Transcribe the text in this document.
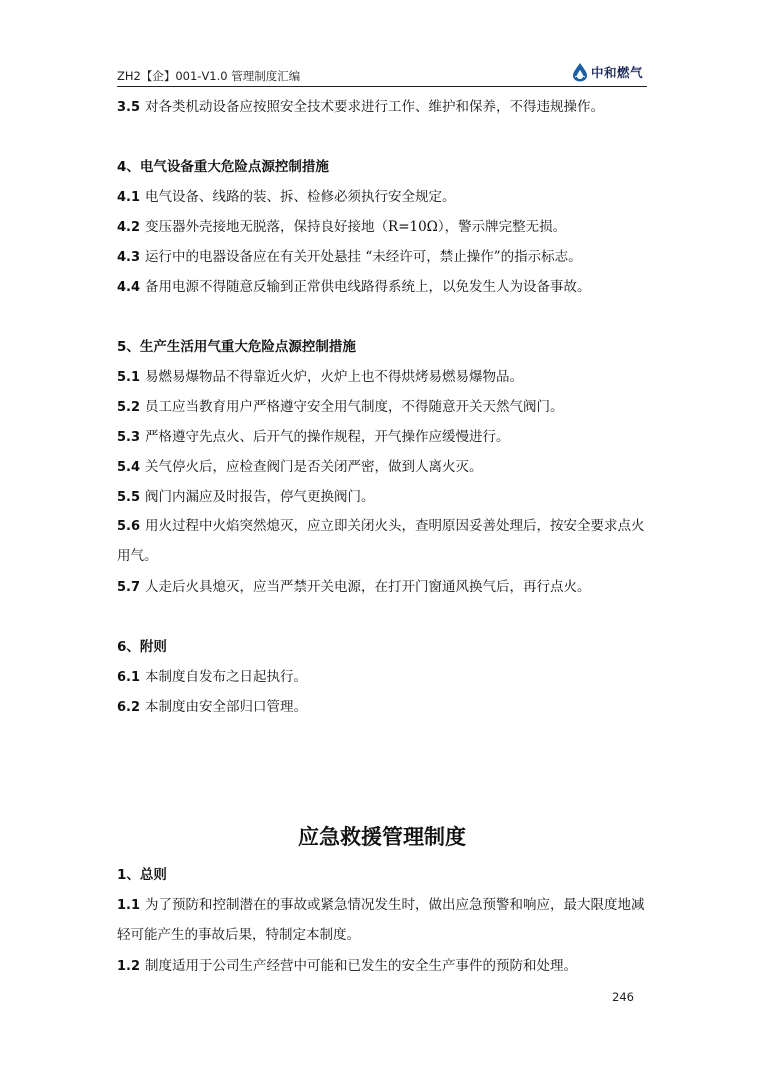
ZH2【企】001-V1.0 管理制度汇编	中和燃气
3.5 对各类机动设备应按照安全技术要求进行工作、维护和保养，不得违规操作。
4、电气设备重大危险点源控制措施
4.1 电气设备、线路的装、拆、检修必须执行安全规定。
4.2 变压器外壳接地无脱落，保持良好接地（R=10Ω），警示牌完整无损。
4.3 运行中的电器设备应在有关开处悬挂 “未经许可，禁止操作”的指示标志。
4.4 备用电源不得随意反输到正常供电线路得系统上，以免发生人为设备事故。
5、生产生活用气重大危险点源控制措施
5.1 易燃易爆物品不得靠近火炉，火炉上也不得烘烤易燃易爆物品。
5.2 员工应当教育用户严格遵守安全用气制度，不得随意开关天然气阀门。
5.3 严格遵守先点火、后开气的操作规程，开气操作应缓慢进行。
5.4 关气停火后，应检查阀门是否关闭严密，做到人离火灭。
5.5 阀门内漏应及时报告，停气更换阀门。
5.6 用火过程中火焰突然熄灭，应立即关闭火头，查明原因妥善处理后，按安全要求点火用气。
5.7 人走后火具熄灭，应当严禁开关电源，在打开门窗通风换气后，再行点火。
6、附则
6.1 本制度自发布之日起执行。
6.2 本制度由安全部归口管理。
应急救援管理制度
1、总则
1.1 为了预防和控制潜在的事故或紧急情况发生时，做出应急预警和响应，最大限度地减轻可能产生的事故后果，特制定本制度。
1.2 制度适用于公司生产经营中可能和已发生的安全生产事件的预防和处理。
246
